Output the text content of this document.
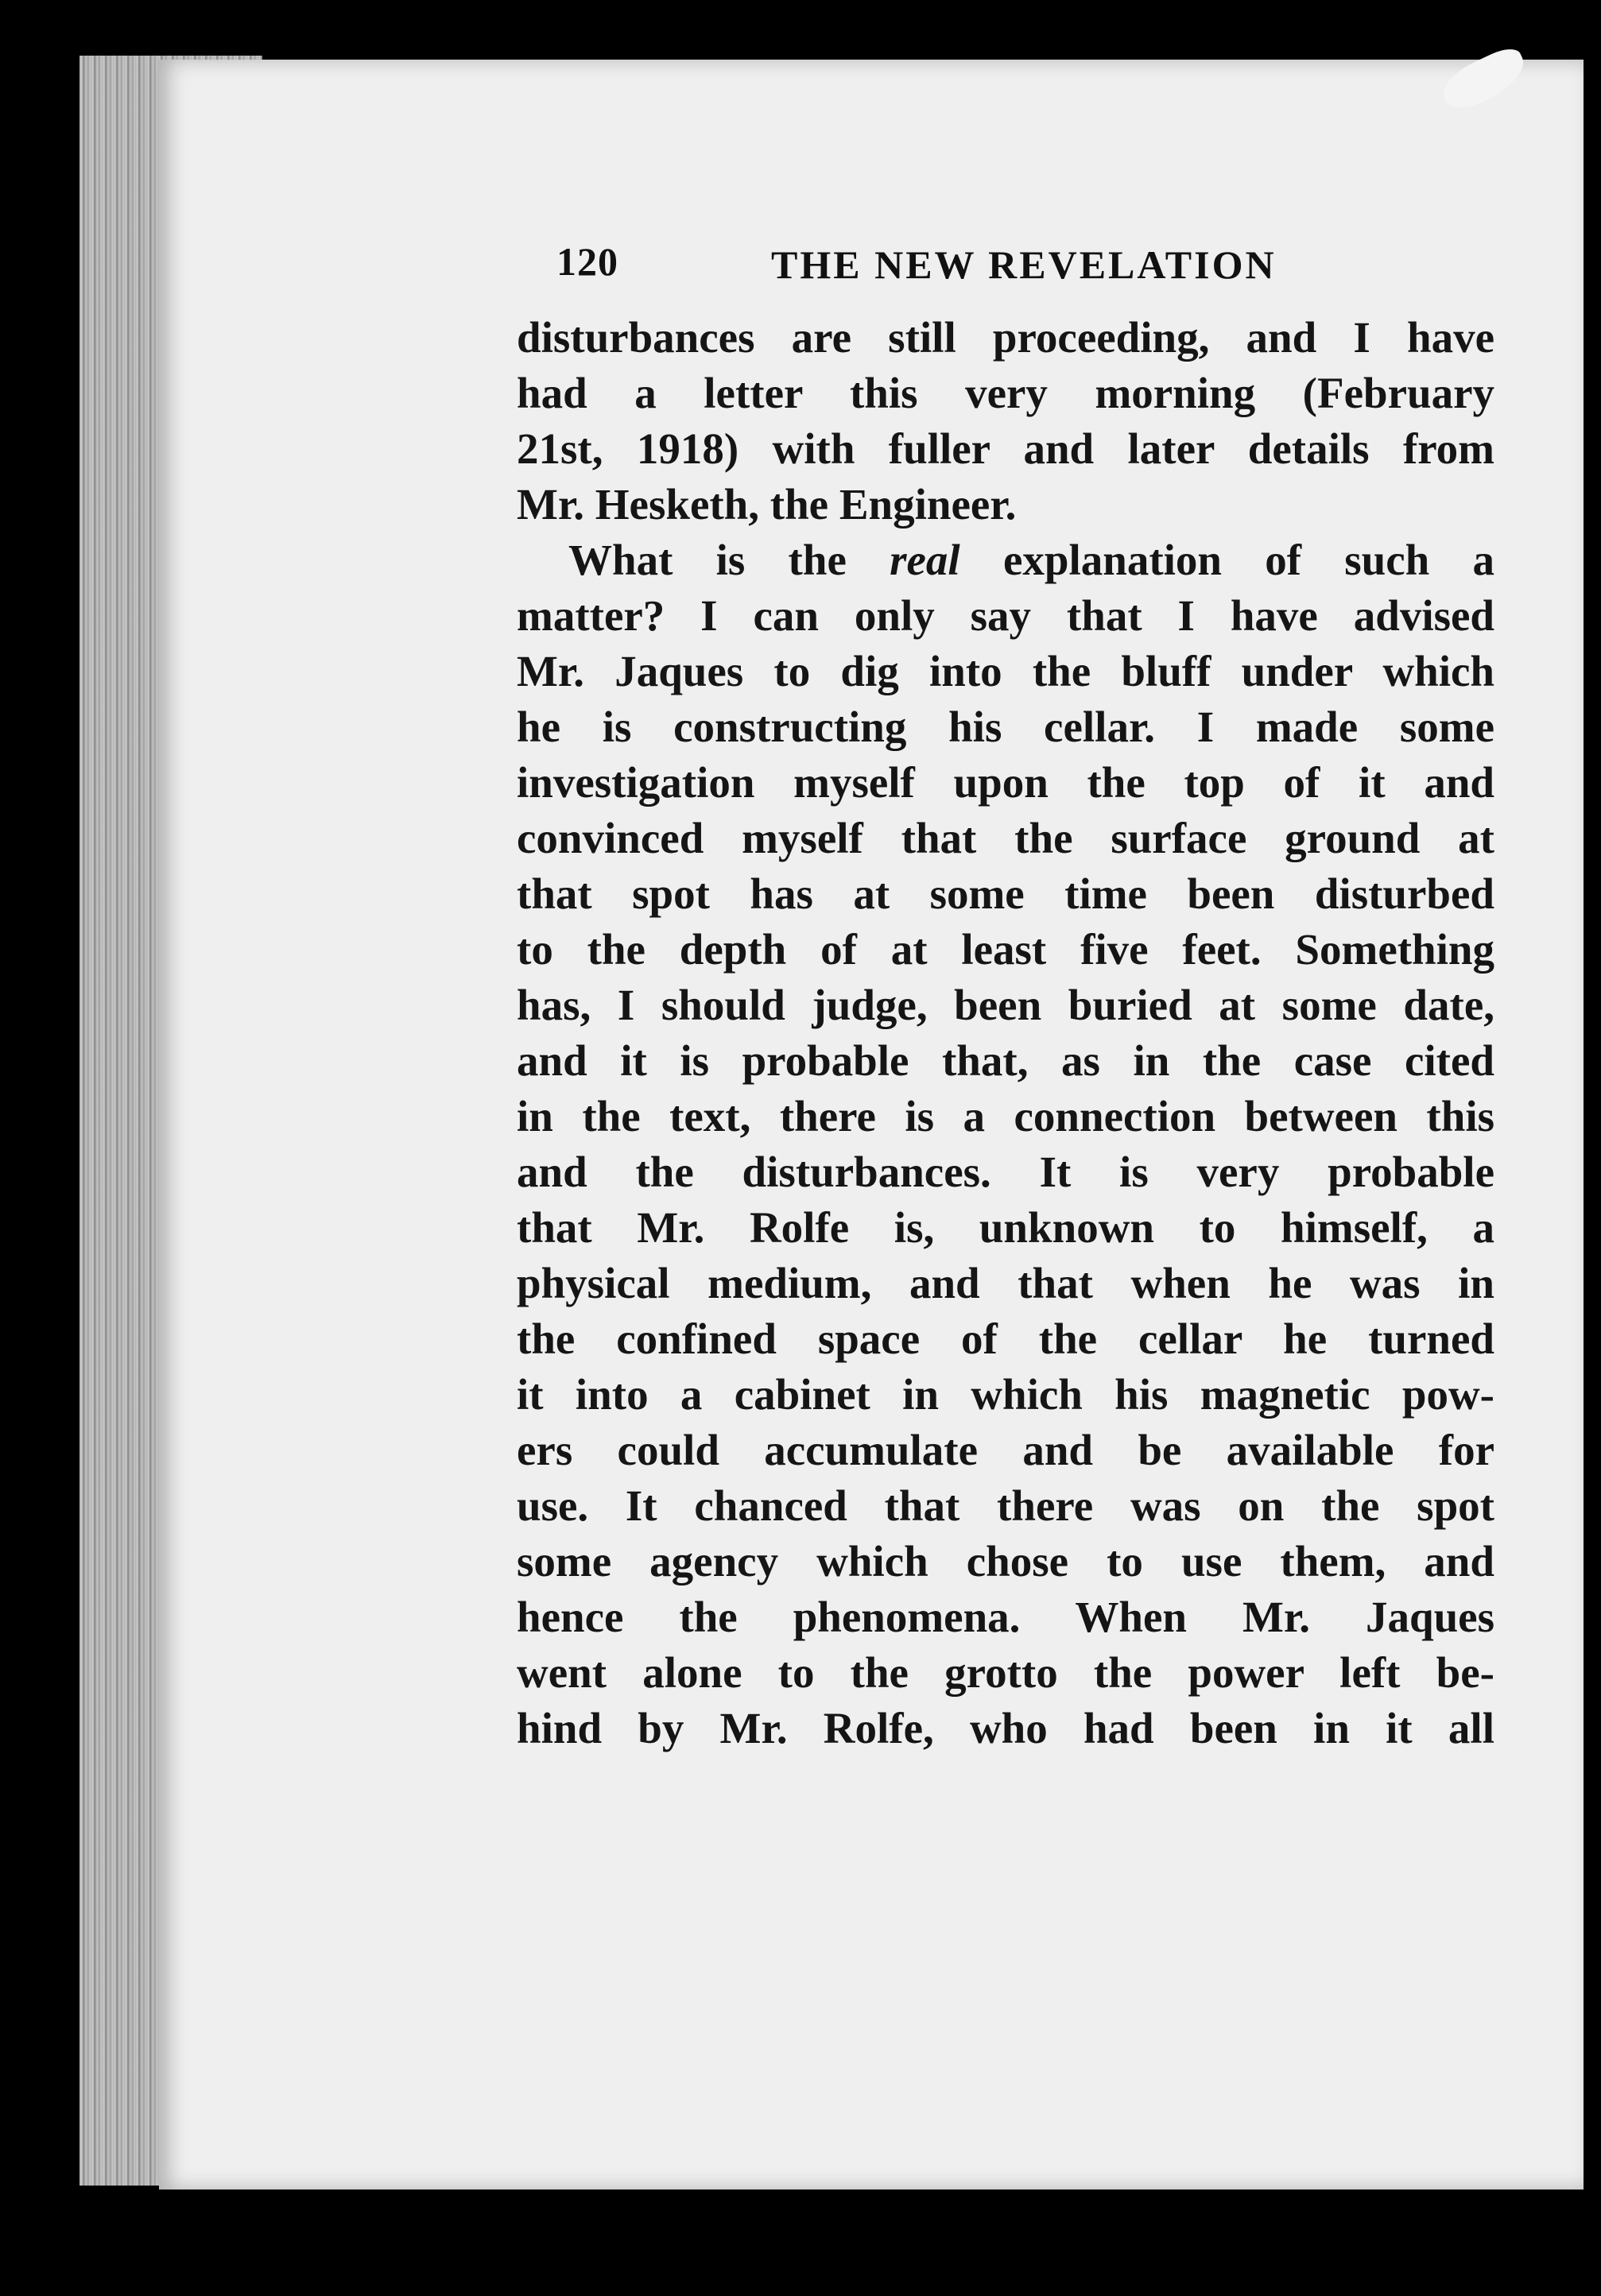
120	THE NEW REVELATION
disturbances are still proceeding, and I have
had a letter this very morning (February
21st, 1918) with fuller and later details from
Mr. Hesketh, the Engineer.
What is the real explanation of such a
matter? I can only say that I have advised
Mr. Jaques to dig into the bluff under which
he is constructing his cellar. I made some
investigation myself upon the top of it and
convinced myself that the surface ground at
that spot has at some time been disturbed
to the depth of at least five feet. Something
has, I should judge, been buried at some date,
and it is probable that, as in the case cited
in the text, there is a connection between this
and the disturbances. It is very probable
that Mr. Rolfe is, unknown to himself, a
physical medium, and that when he was in
the confined space of the cellar he turned
it into a cabinet in which his magnetic pow-
ers could accumulate and be available for
use. It chanced that there was on the spot
some agency which chose to use them, and
hence the phenomena. When Mr. Jaques
went alone to the grotto the power left be-
hind by Mr. Rolfe, who had been in it all
